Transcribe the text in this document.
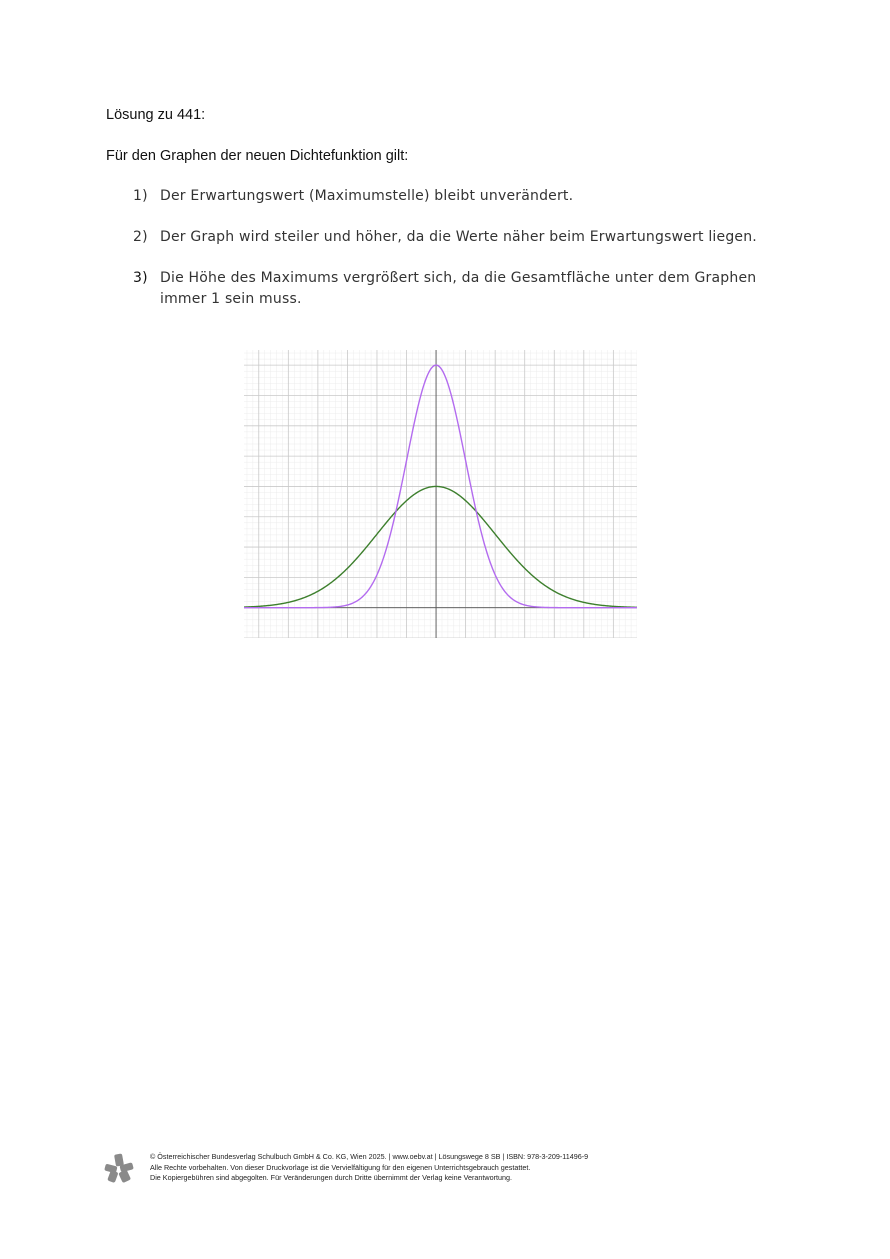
Lösung zu 441:
Für den Graphen der neuen Dichtefunktion gilt:
1) Der Erwartungswert (Maximumstelle) bleibt unverändert.
2) Der Graph wird steiler und höher, da die Werte näher beim Erwartungswert liegen.
3) Die Höhe des Maximums vergrößert sich, da die Gesamtfläche unter dem Graphen immer 1 sein muss.
© Österreichischer Bundesverlag Schulbuch GmbH & Co. KG, Wien 2025. | www.oebv.at | Lösungswege 8 SB | ISBN: 978-3-209-11496-9
Alle Rechte vorbehalten. Von dieser Druckvorlage ist die Vervielfältigung für den eigenen Unterrichtsgebrauch gestattet.
Die Kopiergebühren sind abgegolten. Für Veränderungen durch Dritte übernimmt der Verlag keine Verantwortung.
